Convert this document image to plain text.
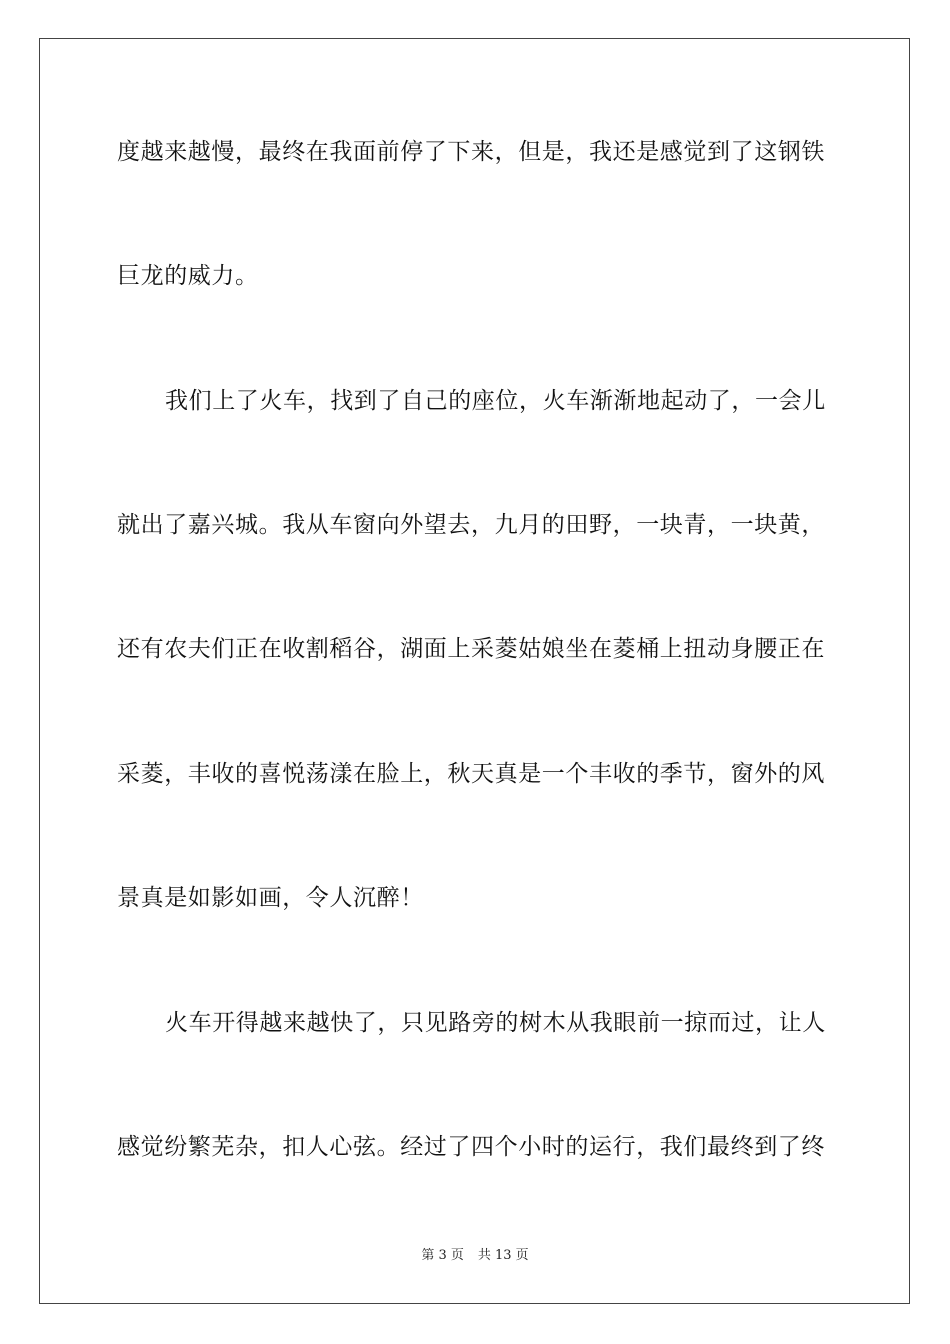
度越来越慢，最终在我面前停了下来，但是，我还是感觉到了这钢铁
巨龙的威力。
我们上了火车，找到了自己的座位，火车渐渐地起动了，一会儿
就出了嘉兴城。我从车窗向外望去，九月的田野，一块青，一块黄，
还有农夫们正在收割稻谷，湖面上采菱姑娘坐在菱桶上扭动身腰正在
采菱，丰收的喜悦荡漾在脸上，秋天真是一个丰收的季节，窗外的风
景真是如影如画，令人沉醉！
火车开得越来越快了，只见路旁的树木从我眼前一掠而过，让人
感觉纷繁芜杂，扣人心弦。经过了四个小时的运行，我们最终到了终
第 3 页 共 13 页
